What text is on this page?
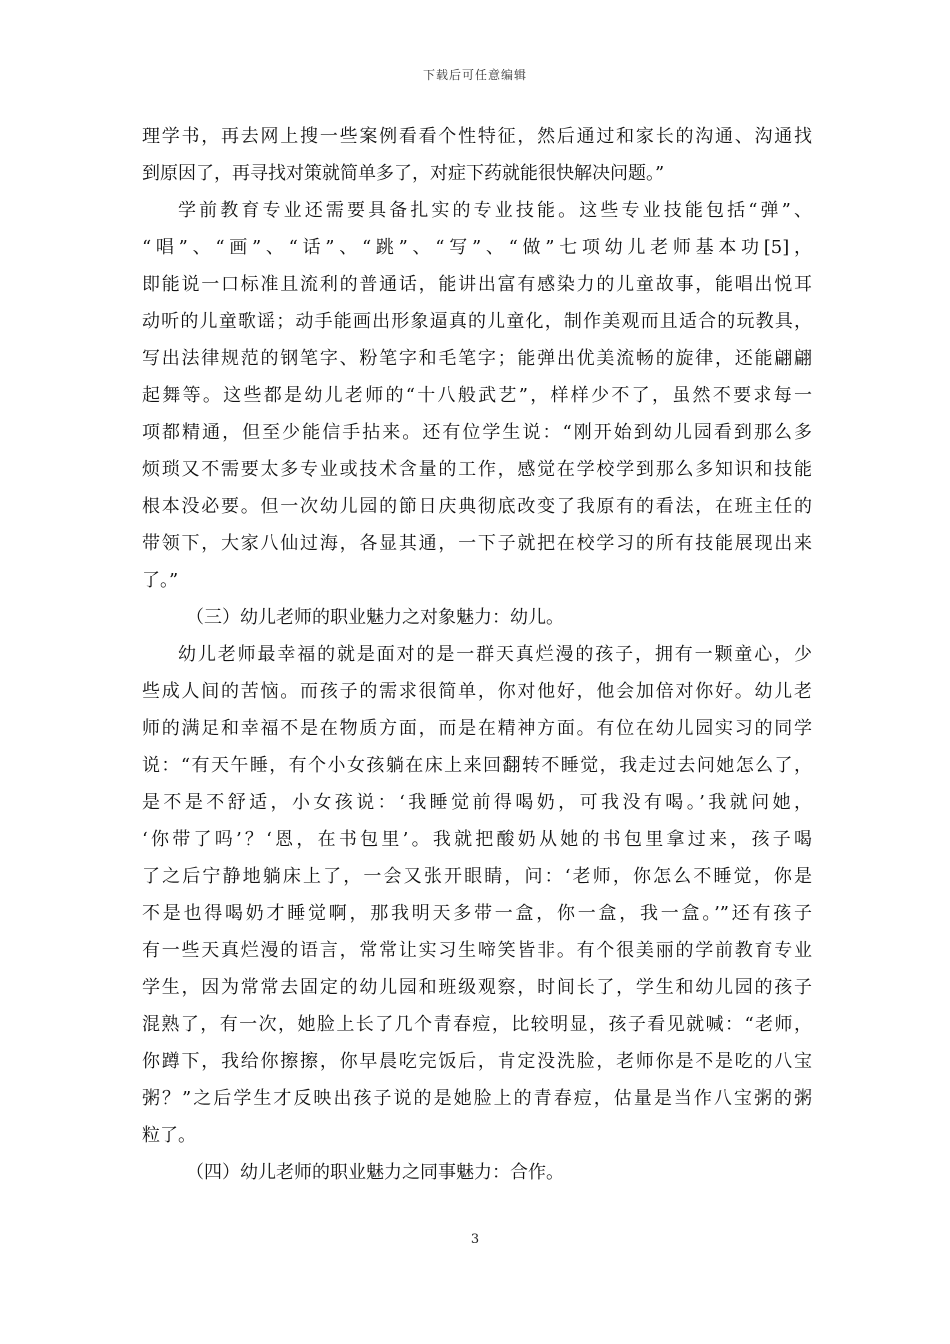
下载后可任意编辑
理学书，再去网上搜一些案例看看个性特征，然后通过和家长的沟通、沟通找
到原因了，再寻找对策就简单多了，对症下药就能很快解决问题。”
学前教育专业还需要具备扎实的专业技能。这些专业技能包括“弹”、
“唱”、“画”、“话”、“跳”、“写”、“做”七项幼儿老师基本功[5]，
即能说一口标准且流利的普通话，能讲出富有感染力的儿童故事，能唱出悦耳
动听的儿童歌谣；动手能画出形象逼真的儿童化，制作美观而且适合的玩教具，
写出法律规范的钢笔字、粉笔字和毛笔字；能弹出优美流畅的旋律，还能翩翩
起舞等。这些都是幼儿老师的“十八般武艺”，样样少不了，虽然不要求每一
项都精通，但至少能信手拈来。还有位学生说：“刚开始到幼儿园看到那么多
烦琐又不需要太多专业或技术含量的工作，感觉在学校学到那么多知识和技能
根本没必要。但一次幼儿园的節日庆典彻底改变了我原有的看法，在班主任的
带领下，大家八仙过海，各显其通，一下子就把在校学习的所有技能展现出来
了。”
（三）幼儿老师的职业魅力之对象魅力：幼儿。
幼儿老师最幸福的就是面对的是一群天真烂漫的孩子，拥有一颗童心，少
些成人间的苦恼。而孩子的需求很简单，你对他好，他会加倍对你好。幼儿老
师的满足和幸福不是在物质方面，而是在精神方面。有位在幼儿园实习的同学
说：“有天午睡，有个小女孩躺在床上来回翻转不睡觉，我走过去问她怎么了，
是不是不舒适，小女孩说：‘我睡觉前得喝奶，可我没有喝。’我就问她，
‘你带了吗’？‘恩，在书包里’。我就把酸奶从她的书包里拿过来，孩子喝
了之后宁静地躺床上了，一会又张开眼睛，问：‘老师，你怎么不睡觉，你是
不是也得喝奶才睡觉啊，那我明天多带一盒，你一盒，我一盒。’”还有孩子
有一些天真烂漫的语言，常常让实习生啼笑皆非。有个很美丽的学前教育专业
学生，因为常常去固定的幼儿园和班级观察，时间长了，学生和幼儿园的孩子
混熟了，有一次，她脸上长了几个青春痘，比较明显，孩子看见就喊：“老师，
你蹲下，我给你擦擦，你早晨吃完饭后，肯定没洗脸，老师你是不是吃的八宝
粥？”之后学生才反映出孩子说的是她脸上的青春痘，估量是当作八宝粥的粥
粒了。
（四）幼儿老师的职业魅力之同事魅力：合作。
3
